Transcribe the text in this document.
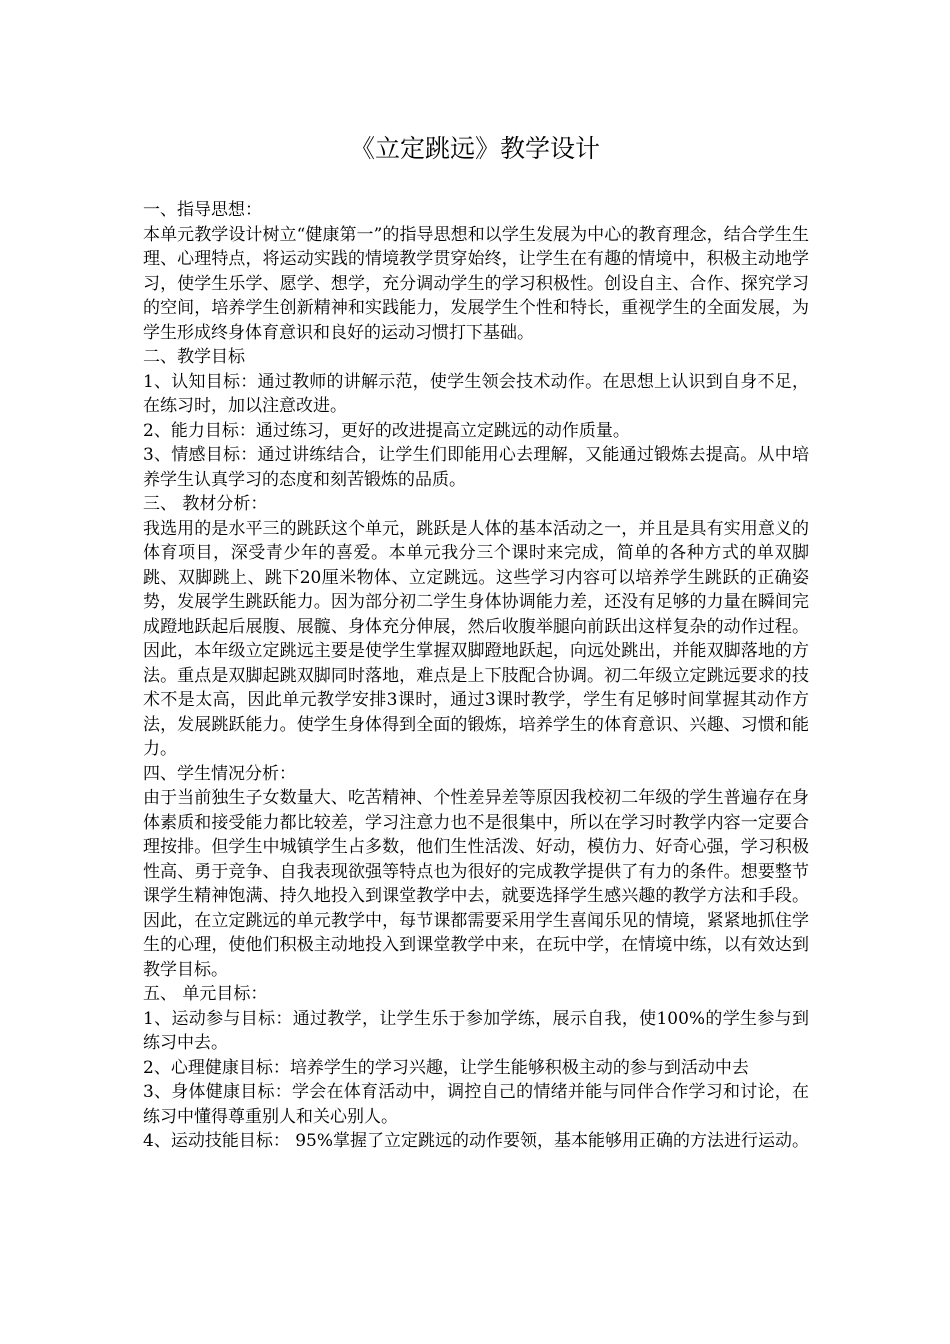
《立定跳远》教学设计

一、指导思想：

本单元教学设计树立“健康第一”的指导思想和以学生发展为中心的教育理念，结合学生生理、心理特点，将运动实践的情境教学贯穿始终，让学生在有趣的情境中，积极主动地学习，使学生乐学、愿学、想学，充分调动学生的学习积极性。创设自主、合作、探究学习的空间，培养学生创新精神和实践能力，发展学生个性和特长，重视学生的全面发展，为学生形成终身体育意识和良好的运动习惯打下基础。

二、教学目标

1、认知目标：通过教师的讲解示范，使学生领会技术动作。在思想上认识到自身不足，在练习时，加以注意改进。

2、能力目标：通过练习，更好的改进提高立定跳远的动作质量。

3、情感目标：通过讲练结合，让学生们即能用心去理解，又能通过锻炼去提高。从中培养学生认真学习的态度和刻苦锻炼的品质。

三、 教材分析：

我选用的是水平三的跳跃这个单元，跳跃是人体的基本活动之一，并且是具有实用意义的体育项目，深受青少年的喜爱。本单元我分三个课时来完成，简单的各种方式的单双脚跳、双脚跳上、跳下20厘米物体、立定跳远。这些学习内容可以培养学生跳跃的正确姿势，发展学生跳跃能力。因为部分初二学生身体协调能力差，还没有足够的力量在瞬间完成蹬地跃起后展腹、展髋、身体充分伸展，然后收腹举腿向前跃出这样复杂的动作过程。因此，本年级立定跳远主要是使学生掌握双脚蹬地跃起，向远处跳出，并能双脚落地的方法。重点是双脚起跳双脚同时落地，难点是上下肢配合协调。初二年级立定跳远要求的技术不是太高，因此单元教学安排3课时，通过3课时教学，学生有足够时间掌握其动作方法，发展跳跃能力。使学生身体得到全面的锻炼，培养学生的体育意识、兴趣、习惯和能力。

四、学生情况分析：

由于当前独生子女数量大、吃苦精神、个性差异差等原因我校初二年级的学生普遍存在身体素质和接受能力都比较差，学习注意力也不是很集中，所以在学习时教学内容一定要合理按排。但学生中城镇学生占多数，他们生性活泼、好动，模仿力、好奇心强，学习积极性高、勇于竞争、自我表现欲强等特点也为很好的完成教学提供了有力的条件。想要整节课学生精神饱满、持久地投入到课堂教学中去，就要选择学生感兴趣的教学方法和手段。因此，在立定跳远的单元教学中，每节课都需要采用学生喜闻乐见的情境，紧紧地抓住学生的心理，使他们积极主动地投入到课堂教学中来，在玩中学，在情境中练，以有效达到教学目标。

五、 单元目标：

1、运动参与目标：通过教学，让学生乐于参加学练，展示自我，使100%的学生参与到练习中去。

2、心理健康目标：培养学生的学习兴趣，让学生能够积极主动的参与到活动中去

3、身体健康目标：学会在体育活动中，调控自己的情绪并能与同伴合作学习和讨论，在练习中懂得尊重别人和关心别人。

4、运动技能目标： 95%掌握了立定跳远的动作要领，基本能够用正确的方法进行运动。
